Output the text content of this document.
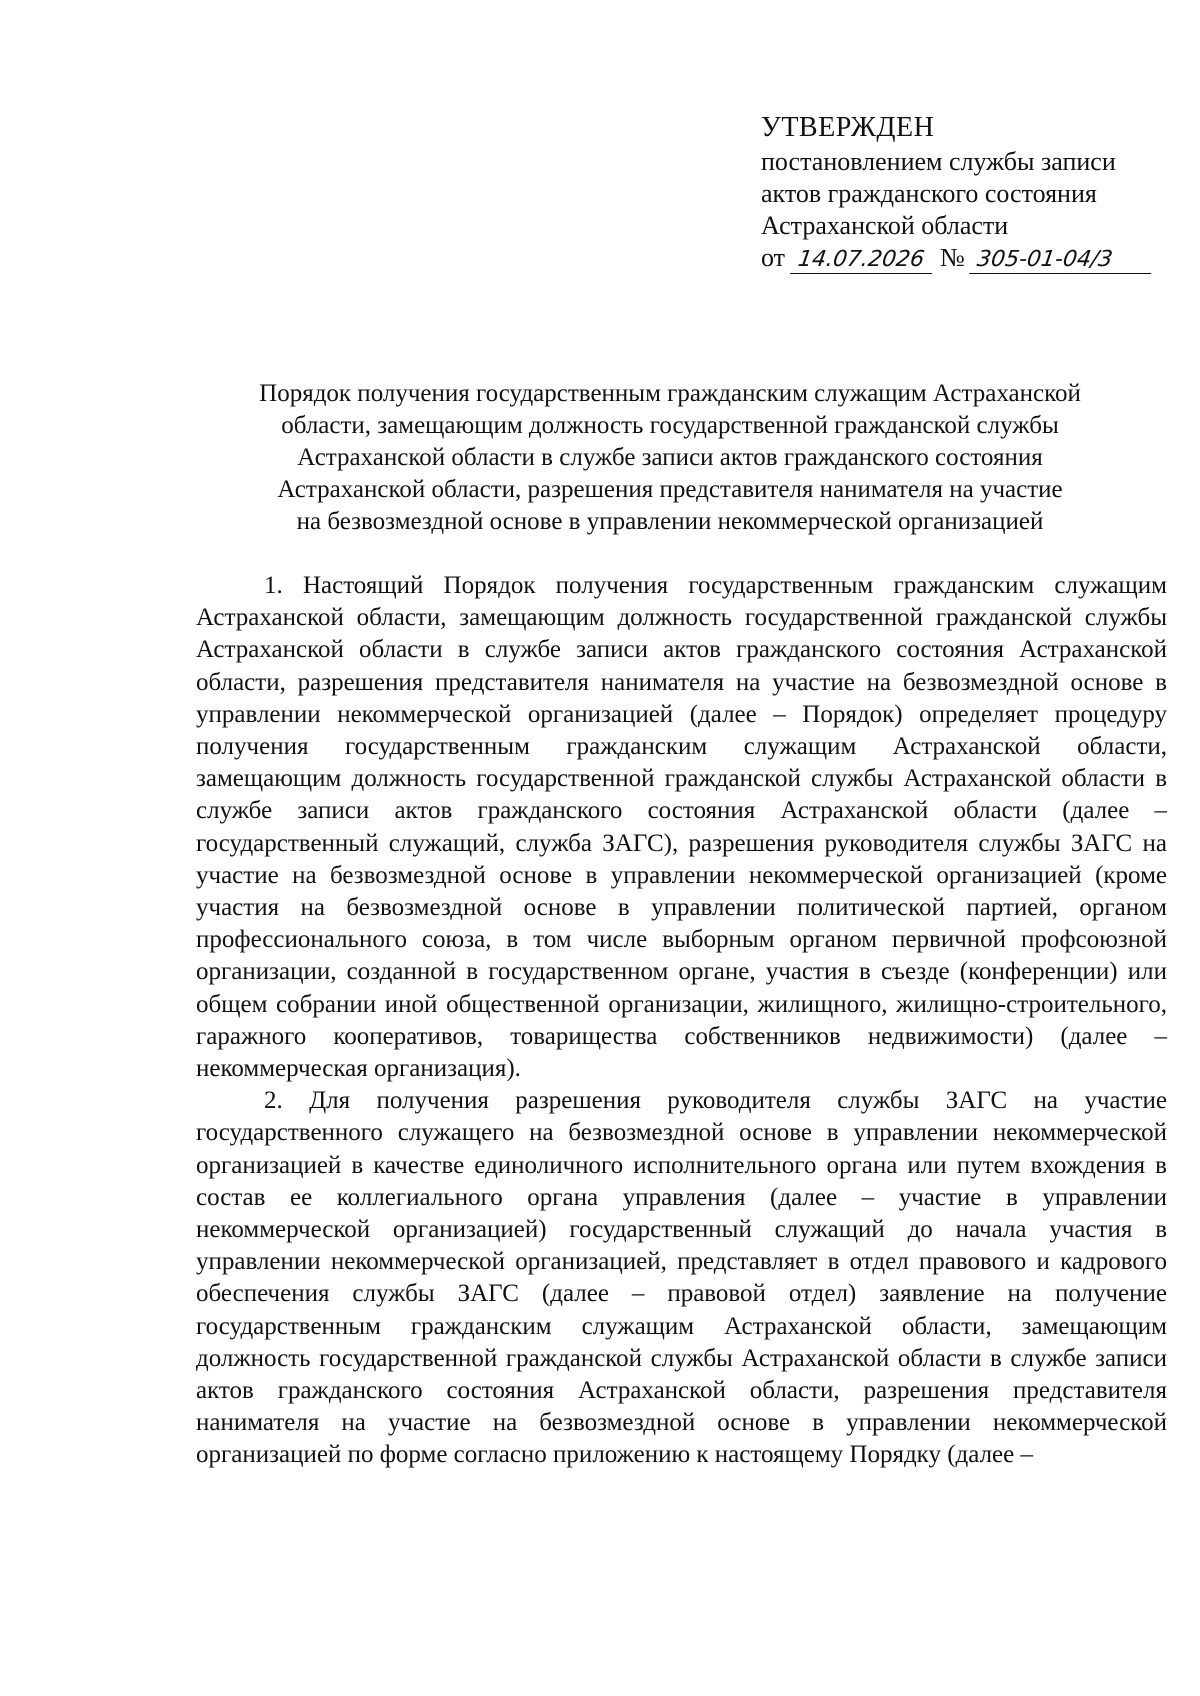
УТВЕРЖДЕН
постановлением службы записи
актов гражданского состояния
Астраханской области
от 14.07.2026 № 305-01-04/3
Порядок получения государственным гражданским служащим Астраханской
области, замещающим должность государственной гражданской службы
Астраханской области в службе записи актов гражданского состояния
Астраханской области, разрешения представителя нанимателя на участие
на безвозмездной основе в управлении некоммерческой организацией

1. Настоящий Порядок получения государственным гражданским служащим Астраханской области, замещающим должность государственной гражданской службы Астраханской области в службе записи актов гражданского состояния Астраханской области, разрешения представителя нанимателя на участие на безвозмездной основе в управлении некоммерческой организацией (далее – Порядок) определяет процедуру получения государственным гражданским служащим Астраханской области, замещающим должность государственной гражданской службы Астраханской области в службе записи актов гражданского состояния Астраханской области (далее – государственный служащий, служба ЗАГС), разрешения руководителя службы ЗАГС на участие на безвозмездной основе в управлении некоммерческой организацией (кроме участия на безвозмездной основе в управлении политической партией, органом профессионального союза, в том числе выборным органом первичной профсоюзной организации, созданной в государственном органе, участия в съезде (конференции) или общем собрании иной общественной организации, жилищного, жилищно-строительного, гаражного кооперативов, товарищества собственников недвижимости) (далее – некоммерческая организация).

2. Для получения разрешения руководителя службы ЗАГС на участие государственного служащего на безвозмездной основе в управлении некоммерческой организацией в качестве единоличного исполнительного органа или путем вхождения в состав ее коллегиального органа управления (далее – участие в управлении некоммерческой организацией) государственный служащий до начала участия в управлении некоммерческой организацией, представляет в отдел правового и кадрового обеспечения службы ЗАГС (далее – правовой отдел) заявление на получение государственным гражданским служащим Астраханской области, замещающим должность государственной гражданской службы Астраханской области в службе записи актов гражданского состояния Астраханской области, разрешения представителя нанимателя на участие на безвозмездной основе в управлении некоммерческой организацией по форме согласно приложению к настоящему Порядку (далее –
